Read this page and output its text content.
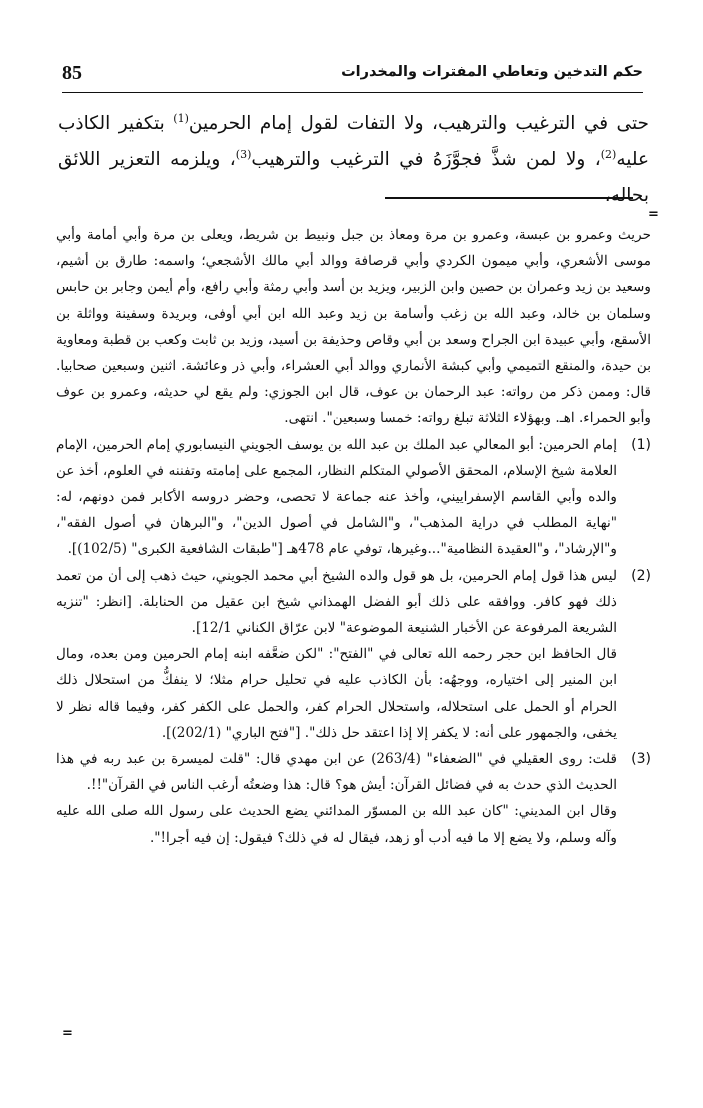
85	حكم التدخين وتعاطي المفترات والمخدرات
حتى في الترغيب والترهيب، ولا التفات لقول إمام الحرمين$^{(1)}$ بتكفير الكاذب عليه$^{(2)}$، ولا لمن شذَّ فجوَّزَهُ في الترغيب والترهيب$^{(3)}$، ويلزمه التعزير اللائق بحاله،
=

حريث وعمرو بن عبسة، وعمرو بن مرة ومعاذ بن جبل ونبيط بن شريط، ويعلى بن مرة وأبي أمامة وأبي موسى الأشعري، وأبي ميمون الكردي وأبي قرصافة ووالد أبي مالك الأشجعي؛ واسمه: طارق بن أشيم، وسعيد بن زيد وعمران بن حصين وابن الزبير، ويزيد بن أسد وأبي رمثة وأبي رافع، وأم أيمن وجابر بن حابس وسلمان بن خالد، وعبد الله بن زغب وأسامة بن زيد وعبد الله ابن أبي أوفى، وبريدة وسفينة وواثلة بن الأسقع، وأبي عبيدة ابن الجراح وسعد بن أبي وقاص وحذيفة بن أسيد، وزيد بن ثابت وكعب بن قطبة ومعاوية بن حيدة، والمنقع التميمي وأبي كبشة الأنماري ووالد أبي العشراء، وأبي ذر وعائشة. اثنين وسبعين صحابيا. قال: وممن ذكر من رواته: عبد الرحمان بن عوف، قال ابن الجوزي: ولم يقع لي حديثه، وعمرو بن عوف وأبو الحمراء. اهـ. وبهؤلاء الثلاثة تبلغ رواته: خمسا وسبعين". انتهى.

(1)

إمام الحرمين: أبو المعالي عبد الملك بن عبد الله بن يوسف الجويني النيسابوري إمام الحرمين، الإمام العلامة شيخ الإسلام، المحقق الأصولي المتكلم النظار، المجمع على إمامته وتفننه في العلوم، أخذ عن والده وأبي القاسم الإسفراييني، وأخذ عنه جماعة لا تحصى، وحضر دروسه الأكابر فمن دونهم، له: "نهاية المطلب في دراية المذهب"، و"الشامل في أصول الدين"، و"البرهان في أصول الفقه"، و"الإرشاد"، و"العقيدة النظامية"...وغيرها، توفي عام 478هـ ["طبقات الشافعية الكبرى" (102/5)].

(2)

ليس هذا قول إمام الحرمين، بل هو قول والده الشيخ أبي محمد الجويني، حيث ذهب إلى أن من تعمد ذلك فهو كافر. ووافقه على ذلك أبو الفضل الهمذاني شيخ ابن عقيل من الحنابلة. [انظر: "تنزيه الشريعة المرفوعة عن الأخبار الشنيعة الموضوعة" لابن عرّاق الكناني 12/1].

قال الحافظ ابن حجر رحمه الله تعالى في "الفتح": "لكن ضعَّفه ابنه إمام الحرمين ومن بعده، ومال ابن المنير إلى اختياره، ووجهُه: بأن الكاذب عليه في تحليل حرام مثلا؛ لا ينفكُّ من استحلال ذلك الحرام أو الحمل على استحلاله، واستحلال الحرام كفر، والحمل على الكفر كفر، وفيما قاله نظر لا يخفى، والجمهور على أنه: لا يكفر إلا إذا اعتقد حل ذلك". ["فتح الباري" (202/1)].

(3)

قلت: روى العقيلي في "الضعفاء" (263/4) عن ابن مهدي قال: "قلت لميسرة بن عبد ربه في هذا الحديث الذي حدث به في فضائل القرآن: أيش هو؟ قال: هذا وضعتُه أرغب الناس في القرآن"!!.

وقال ابن المديني: "كان عبد الله بن المسوّر المدائني يضع الحديث على رسول الله صلى الله عليه وآله وسلم، ولا يضع إلا ما فيه أدب أو زهد، فيقال له في ذلك؟ فيقول: إن فيه أجرا!".

=
